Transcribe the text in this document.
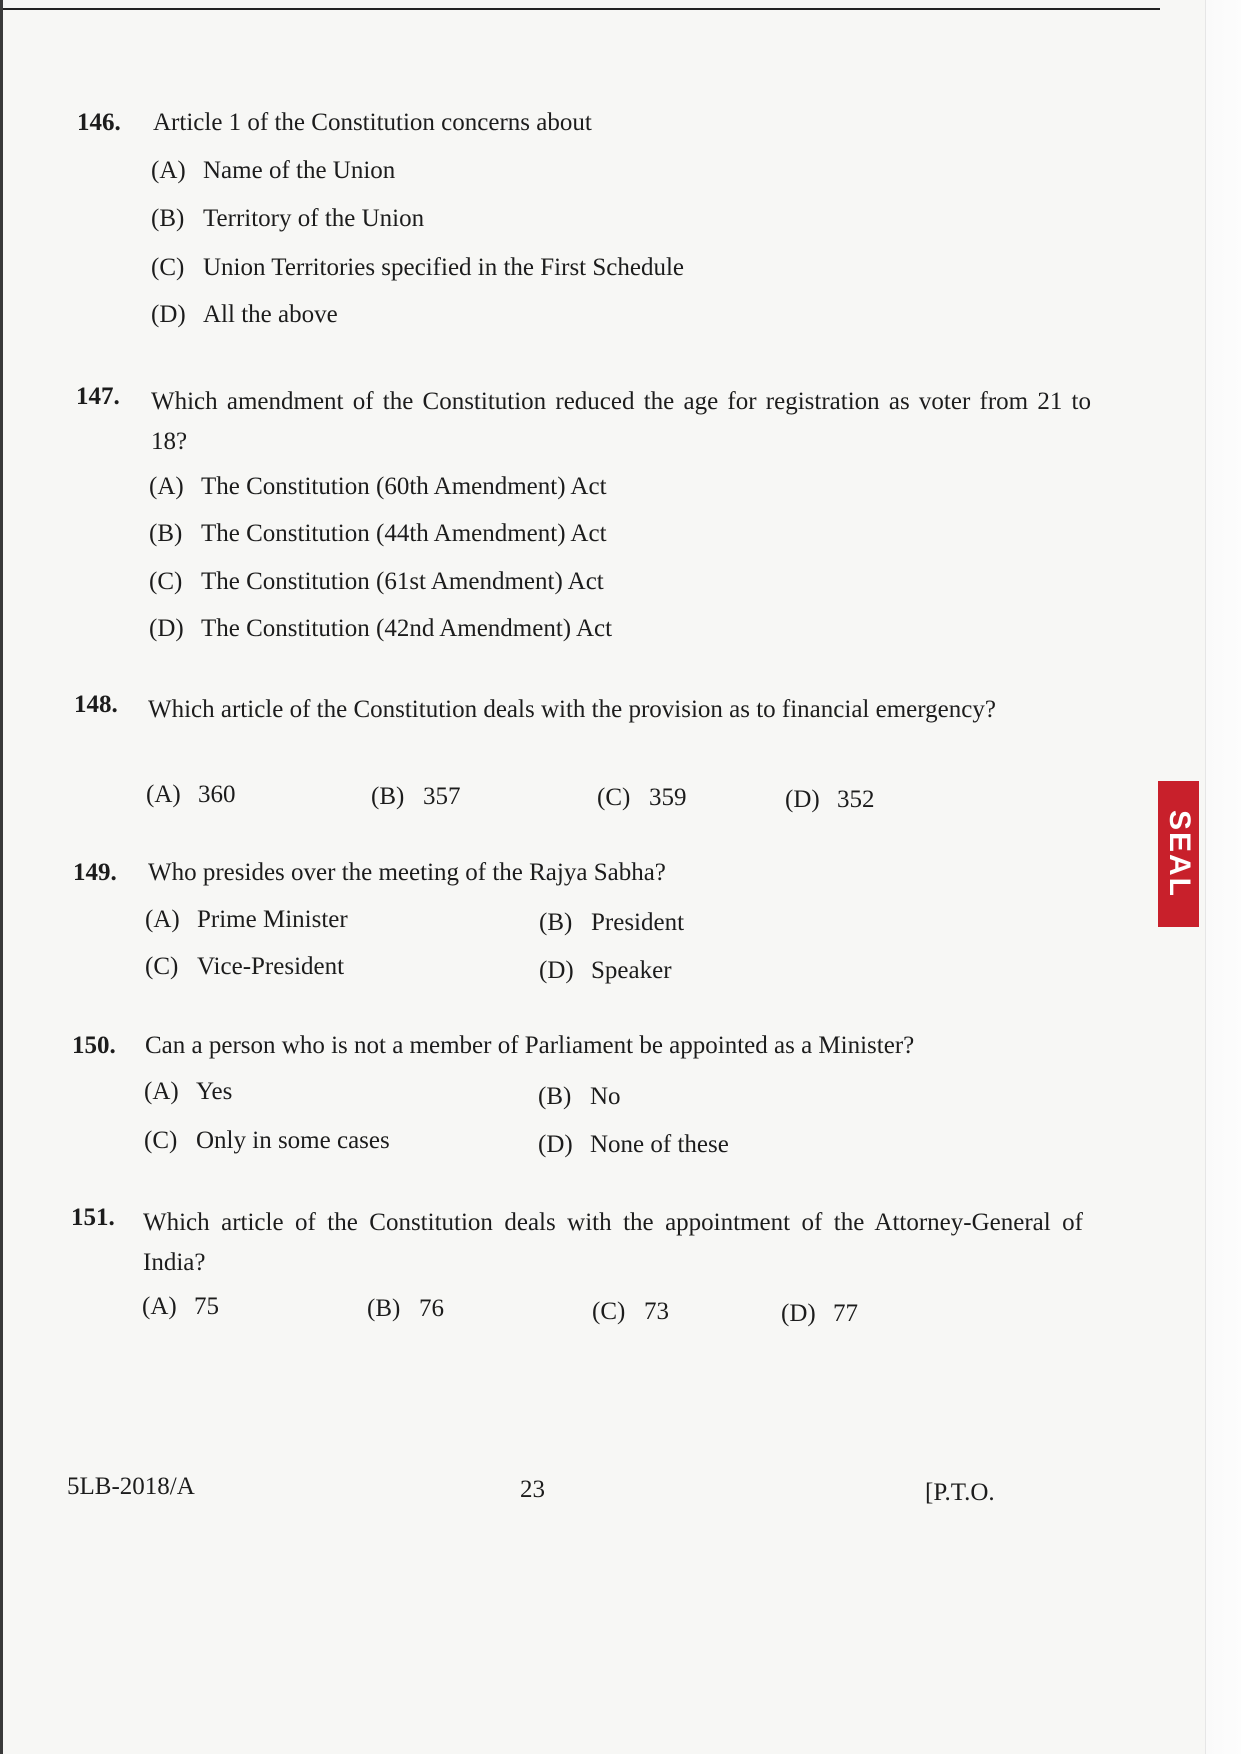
SEAL
146. Article 1 of the Constitution concerns about
(A) Name of the Union
(B) Territory of the Union
(C) Union Territories specified in the First Schedule
(D) All the above
147. Which amendment of the Constitution reduced the age for registration as voter from 21 to 18?
(A) The Constitution (60th Amendment) Act
(B) The Constitution (44th Amendment) Act
(C) The Constitution (61st Amendment) Act
(D) The Constitution (42nd Amendment) Act
148. Which article of the Constitution deals with the provision as to financial emergency?
(A) 360	(B) 357	(C) 359	(D) 352
149. Who presides over the meeting of the Rajya Sabha?
(A) Prime Minister	(B) President
(C) Vice-President	(D) Speaker
150. Can a person who is not a member of Parliament be appointed as a Minister?
(A) Yes	(B) No
(C) Only in some cases	(D) None of these
151. Which article of the Constitution deals with the appointment of the Attorney-General of India?
(A) 75	(B) 76	(C) 73	(D) 77
5LB-2018/A	23	[P.T.O.
